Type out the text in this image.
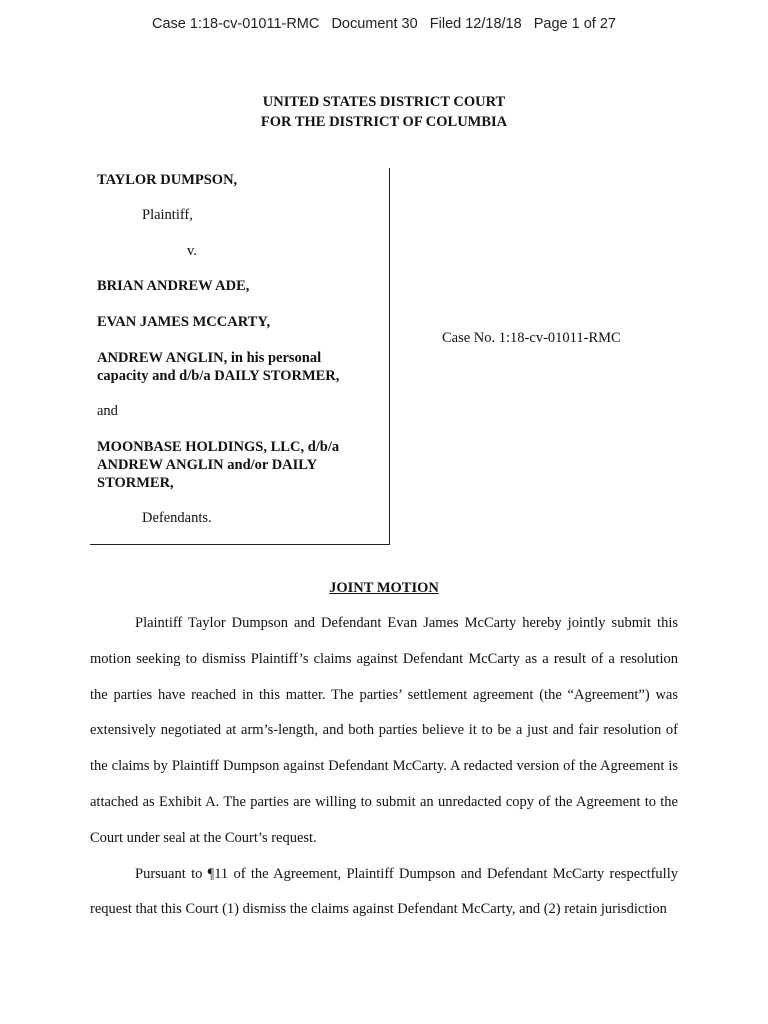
Case 1:18-cv-01011-RMC   Document 30   Filed 12/18/18   Page 1 of 27
UNITED STATES DISTRICT COURT
FOR THE DISTRICT OF COLUMBIA
TAYLOR DUMPSON,
Plaintiff,
v.
BRIAN ANDREW ADE,
EVAN JAMES MCCARTY,
ANDREW ANGLIN, in his personal
capacity and d/b/a DAILY STORMER,
and
MOONBASE HOLDINGS, LLC, d/b/a
ANDREW ANGLIN and/or DAILY
STORMER,
Defendants.
Case No. 1:18-cv-01011-RMC
JOINT MOTION

Plaintiff Taylor Dumpson and Defendant Evan James McCarty hereby jointly submit this motion seeking to dismiss Plaintiff’s claims against Defendant McCarty as a result of a resolution the parties have reached in this matter. The parties’ settlement agreement (the “Agreement”) was extensively negotiated at arm’s-length, and both parties believe it to be a just and fair resolution of the claims by Plaintiff Dumpson against Defendant McCarty. A redacted version of the Agreement is attached as Exhibit A. The parties are willing to submit an unredacted copy of the Agreement to the Court under seal at the Court’s request.

Pursuant to ¶11 of the Agreement, Plaintiff Dumpson and Defendant McCarty respectfully request that this Court (1) dismiss the claims against Defendant McCarty, and (2) retain jurisdiction
